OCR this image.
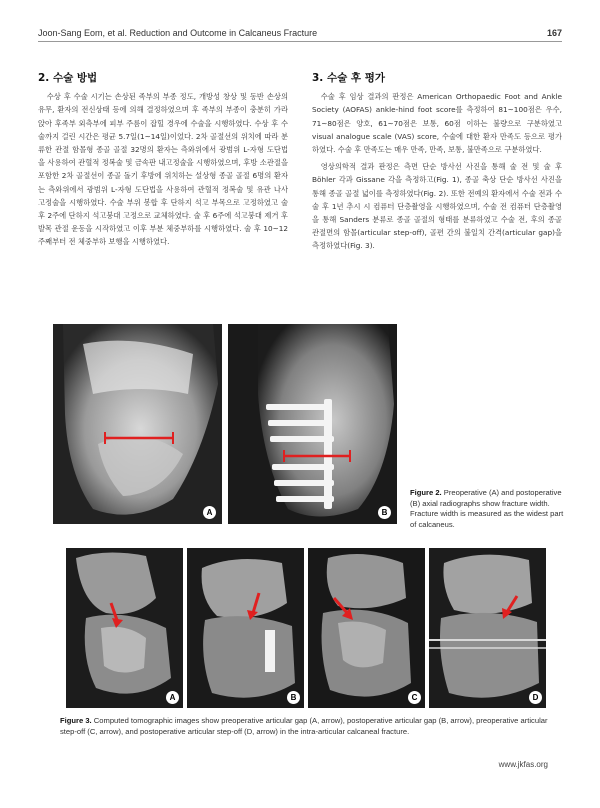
Joon-Sang Eom, et al. Reduction and Outcome in Calcaneus Fracture	167
2. 수술 방법

수상 후 수술 시기는 손상된 족부의 부종 정도, 개방성 창상 및 동반 손상의 유무, 환자의 전신상태 등에 의해 결정하였으며 후 족부의 부종이 충분히 가라앉아 후족부 외측부에 피부 주름이 잡힐 경우에 수술을 시행하였다. 수상 후 수술까지 걸린 시간은 평균 5.7일(1~14일)이었다. 2차 골절선의 위치에 따라 분류한 관절 함몰형 종골 골절 32명의 환자는 측와위에서 광범위 L-자형 도단법을 사용하여 관혈적 정복술 및 금속판 내고정술을 시행하였으며, 후방 소관절을 포함한 2차 골절선이 종골 돌기 후방에 위치하는 설상형 종골 골절 6명의 환자는 측와위에서 광범위 L-자형 도단법을 사용하여 관혈적 정복술 및 유관 나사 고정술을 시행하였다. 수술 부위 봉합 후 단하지 석고 부목으로 고정하였고 술 후 2주에 단하지 석고붕대 고정으로 교체하였다. 술 후 6주에 석고붕대 제거 후 발목 관절 운동을 시작하였고 이후 부분 체중부하를 시행하였다. 술 후 10~12주째부터 전 체중부하 보행을 시행하였다.

3. 수술 후 평가

수술 후 임상 결과의 판정은 American Orthopaedic Foot and Ankle Society (AOFAS) ankle-hind foot score를 측정하여 81~100점은 우수, 71~80점은 양호, 61~70점은 보통, 60점 이하는 불량으로 구분하였고 visual analogue scale (VAS) score, 수술에 대한 환자 만족도 등으로 평가하였다. 수술 후 만족도는 매우 만족, 만족, 보통, 불만족으로 구분하였다.

영상의학적 결과 판정은 측면 단순 방사선 사진을 통해 술 전 및 술 후 Böhler 각과 Gissane 각을 측정하고(Fig. 1), 종골 축상 단순 방사선 사진을 통해 종골 골절 넓이를 측정하였다(Fig. 2). 또한 전예의 환자에서 수술 전과 수술 후 1년 추시 시 컴퓨터 단층촬영을 시행하였으며, 수술 전 컴퓨터 단층촬영을 통해 Sanders 분류로 종골 골절의 형태를 분류하였고 수술 전, 후의 종골 관절면의 함몰(articular step-off), 골편 간의 불일치 간격(articular gap)을 측정하였다(Fig. 3).

A	B
Figure 2. Preoperative (A) and postoperative (B) axial radiographs show fracture width. Fracture width is measured as the widest part of calcaneus.
A	B	C	D
Figure 3. Computed tomographic images show preoperative articular gap (A, arrow), postoperative articular gap (B, arrow), preoperative articular step-off (C, arrow), and postoperative articular step-off (D, arrow) in the intra-articular calcaneal fracture.
www.jkfas.org
